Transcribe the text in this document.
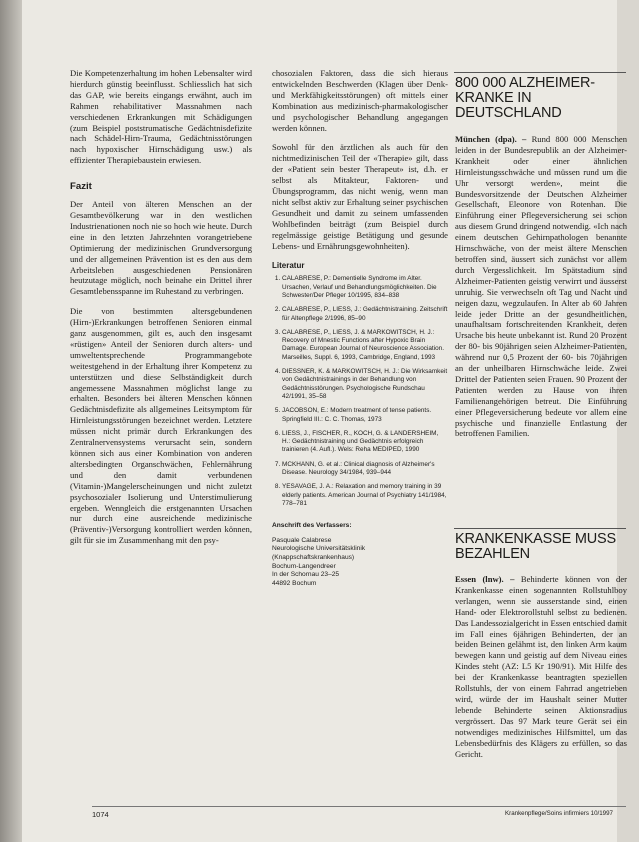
Die Kompetenzerhaltung im hohen Lebensalter wird hierdurch günstig beeinflusst. Schliesslich hat sich das GAP, wie bereits eingangs erwähnt, auch im Rahmen rehabilitativer Massnahmen nach verschiedenen Erkrankungen mit Schädigungen (zum Beispiel poststrumatische Gedächtnisdefizite nach Schädel-Hirn-Trauma, Gedächtnisstörungen nach hypoxischer Hirnschädigung usw.) als effizienter Therapiebaustein erwiesen.

Fazit

Der Anteil von älteren Menschen an der Gesamtbevölkerung war in den westlichen Industrienationen noch nie so hoch wie heute. Durch eine in den letzten Jahrzehnten vorangetriebene Optimierung der medizinischen Grundversorgung und der allgemeinen Prävention ist es den aus dem Arbeitsleben ausgeschiedenen Pensionären heutzutage möglich, noch beinahe ein Drittel ihrer Gesamtlebensspanne im Ruhestand zu verbringen.

Die von bestimmten altersgebundenen (Hirn-)Erkrankungen betroffenen Senioren einmal ganz ausgenommen, gilt es, auch den insgesamt «rüstigen» Anteil der Senioren durch alters- und umweltentsprechende Programmangebote weitestgehend in der Erhaltung ihrer Kompetenz zu unterstützen und diese Selbständigkeit durch angemessene Massnahmen möglichst lange zu erhalten. Besonders bei älteren Menschen können Gedächtnisdefizite als allgemeines Leitsymptom für Hirnleistungsstörungen bezeichnet werden. Letztere müssen nicht primär durch Erkrankungen des Zentralnervensystems verursacht sein, sondern können sich aus einer Kombination von anderen altersbedingten Organschwächen, Fehlernährung und den damit verbundenen (Vitamin-)Mangelerscheinungen und nicht zuletzt psychosozialer Isolierung und Unterstimulierung ergeben. Wenngleich die erstgenannten Ursachen nur durch eine ausreichende medizinische (Präventiv-)Versorgung kontrolliert werden können, gilt für sie im Zusammenhang mit den psy-

chosozialen Faktoren, dass die sich hieraus entwickelnden Beschwerden (Klagen über Denk- und Merkfähigkeitsstörungen) oft mittels einer Kombination aus medizinisch-pharmakologischer und psychologischer Behandlung angegangen werden können.

Sowohl für den ärztlichen als auch für den nichtmedizinischen Teil der «Therapie» gilt, dass der «Patient sein bester Therapeut» ist, d.h. er selbst als Mitakteur, Faktoren- und Übungsprogramm, das nicht wenig, wenn man nicht selbst aktiv zur Erhaltung seiner psychischen Gesundheit und damit zu seinem umfassenden Wohlbefinden beiträgt (zum Beispiel durch regelmässige geistige Betätigung und gesunde Lebens- und Ernährungsgewohnheiten).

Literatur
1. CALABRESE, P.: Dementielle Syndrome im Alter. Ursachen, Verlauf und Behandlungsmöglichkeiten. Die Schwester/Der Pfleger 10/1995, 834–838
2. CALABRESE, P., LIESS, J.: Gedächtnistraining. Zeitschrift für Altenpflege 2/1996, 85–90
3. CALABRESE, P., LIESS, J. & MARKOWITSCH, H. J.: Recovery of Mnestic Functions after Hypoxic Brain Damage. European Journal of Neuroscience Association. Marseilles, Suppl. 6, 1993, Cambridge, England, 1993
4. DIESSNER, K. & MARKOWITSCH, H. J.: Die Wirksamkeit von Gedächtnistrainings in der Behandlung von Gedächtnisstörungen. Psychologische Rundschau 42/1991, 35–58
5. JACOBSON, E.: Modern treatment of tense patients. Springfield III.: C. C. Thomas, 1973
6. LIESS, J., FISCHER, R., KOCH, G. & LANDERSHEIM, H.: Gedächtnistraining und Gedächtnis erfolgreich trainieren (4. Aufl.). Wels: Reha MEDIPED, 1990
7. MCKHANN, G. et al.: Clinical diagnosis of Alzheimer's Disease. Neurology 34/1984, 939–944
8. YESAVAGE, J. A.: Relaxation and memory training in 39 elderly patients. American Journal of Psychiatry 141/1984, 778–781
Anschrift des Verfassers:
Pasquale Calabrese
Neurologische Universitätsklinik
(Knappschaftskrankenhaus)
Bochum-Langendreer
In der Schornau 23–25
44892 Bochum
800 000 ALZHEIMER-KRANKE IN DEUTSCHLAND

München (dpa). – Rund 800 000 Menschen leiden in der Bundesrepublik an der Alzheimer-Krankheit oder einer ähnlichen Hirnleistungsschwäche und müssen rund um die Uhr versorgt werden», meint die Bundesvorsitzende der Deutschen Alzheimer Gesellschaft, Eleonore von Rotenhan. Die Einführung einer Pflegeversicherung sei schon aus diesem Grund dringend notwendig. «Ich nach einem deutschen Gehirnpathologen benannte Hirnschwäche, von der meist ältere Menschen betroffen sind, äussert sich zunächst vor allem durch Vergesslichkeit. Im Spätstadium sind Alzheimer-Patienten geistig verwirrt und äusserst unruhig. Sie verwechseln oft Tag und Nacht und neigen dazu, wegzulaufen. In Alter ab 60 Jahren leide jeder Dritte an der gesundheitlichen, unaufhaltsam fortschreitenden Krankheit, deren Ursache bis heute unbekannt ist. Rund 20 Prozent der 80- bis 90jährigen seien Alzheimer-Patienten, während nur 0,5 Prozent der 60- bis 70jährigen an der unheilbaren Hirnschwäche leide. Zwei Drittel der Patienten seien Frauen. 90 Prozent der Patienten werden zu Hause von ihren Familienangehörigen betreut. Die Einführung einer Pflegeversicherung bedeute vor allem eine psychische und finanzielle Entlastung der betroffenen Familien.

KRANKENKASSE MUSS BEZAHLEN

Essen (lnw). – Behinderte können von der Krankenkasse einen sogenannten Rollstuhlboy verlangen, wenn sie ausserstande sind, einen Hand- oder Elektrorollstuhl selbst zu bedienen. Das Landessozialgericht in Essen entschied damit im Fall eines 6jährigen Behinderten, der an beiden Beinen gelähmt ist, den linken Arm kaum bewegen kann und geistig auf dem Niveau eines Kindes steht (AZ: L5 Kr 190/91). Mit Hilfe des bei der Krankenkasse beantragten speziellen Rollstuhls, der von einem Fahrrad angetrieben wird, würde der im Haushalt seiner Mutter lebende Behinderte seinen Aktionsradius vergrössert. Das 97 Mark teure Gerät sei ein notwendiges medizinisches Hilfsmittel, um das Lebensbedürfnis des Klägers zu erfüllen, so das Gericht.

1074	Krankenpflege/Soins infirmiers 10/1997
